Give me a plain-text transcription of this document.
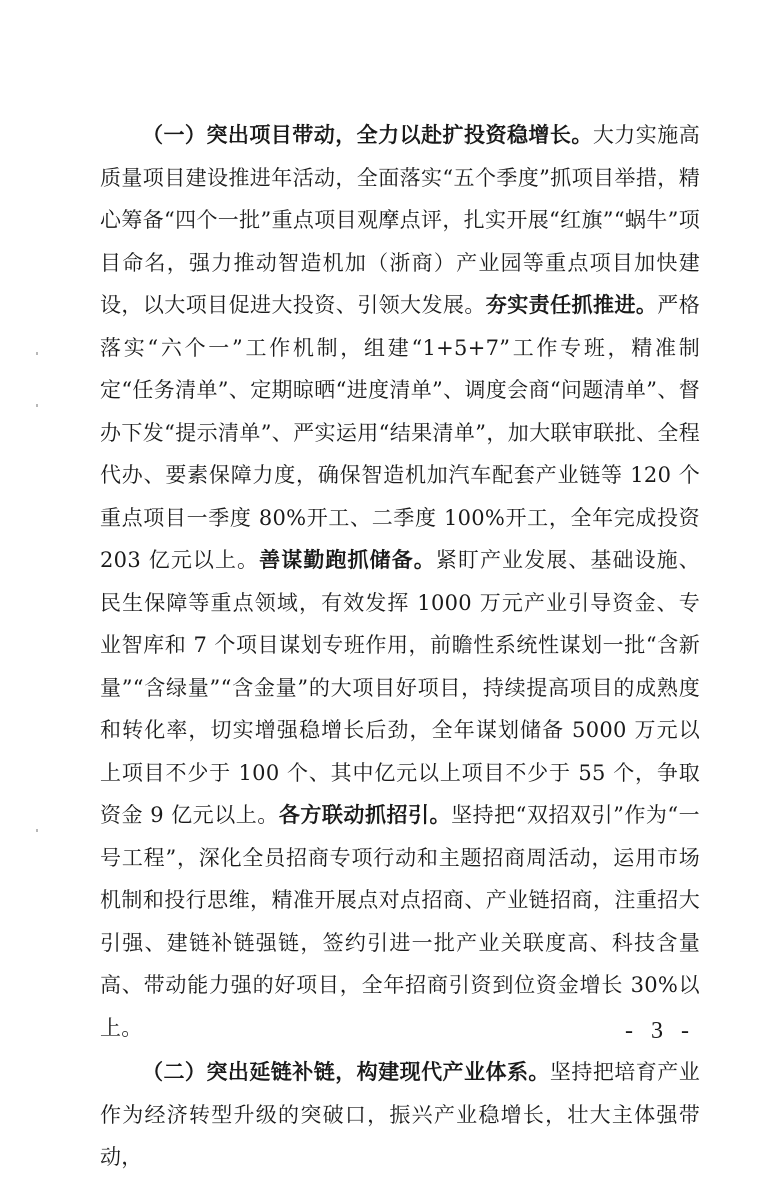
（一）突出项目带动，全力以赴扩投资稳增长。大力实施高质量项目建设推进年活动，全面落实“五个季度”抓项目举措，精心筹备“四个一批”重点项目观摩点评，扎实开展“红旗”“蜗牛”项目命名，强力推动智造机加（浙商）产业园等重点项目加快建设，以大项目促进大投资、引领大发展。夯实责任抓推进。严格落实“六个一”工作机制，组建“1+5+7”工作专班，精准制定“任务清单”、定期晾晒“进度清单”、调度会商“问题清单”、督办下发“提示清单”、严实运用“结果清单”，加大联审联批、全程代办、要素保障力度，确保智造机加汽车配套产业链等 120 个重点项目一季度 80%开工、二季度 100%开工，全年完成投资 203 亿元以上。善谋勤跑抓储备。紧盯产业发展、基础设施、民生保障等重点领域，有效发挥 1000 万元产业引导资金、专业智库和 7 个项目谋划专班作用，前瞻性系统性谋划一批“含新量”“含绿量”“含金量”的大项目好项目，持续提高项目的成熟度和转化率，切实增强稳增长后劲，全年谋划储备 5000 万元以上项目不少于 100 个、其中亿元以上项目不少于 55 个，争取资金 9 亿元以上。各方联动抓招引。坚持把“双招双引”作为“一号工程”，深化全员招商专项行动和主题招商周活动，运用市场机制和投行思维，精准开展点对点招商、产业链招商，注重招大引强、建链补链强链，签约引进一批产业关联度高、科技含量高、带动能力强的好项目，全年招商引资到位资金增长 30%以上。

（二）突出延链补链，构建现代产业体系。坚持把培育产业作为经济转型升级的突破口，振兴产业稳增长，壮大主体强带动，

- 3 -
